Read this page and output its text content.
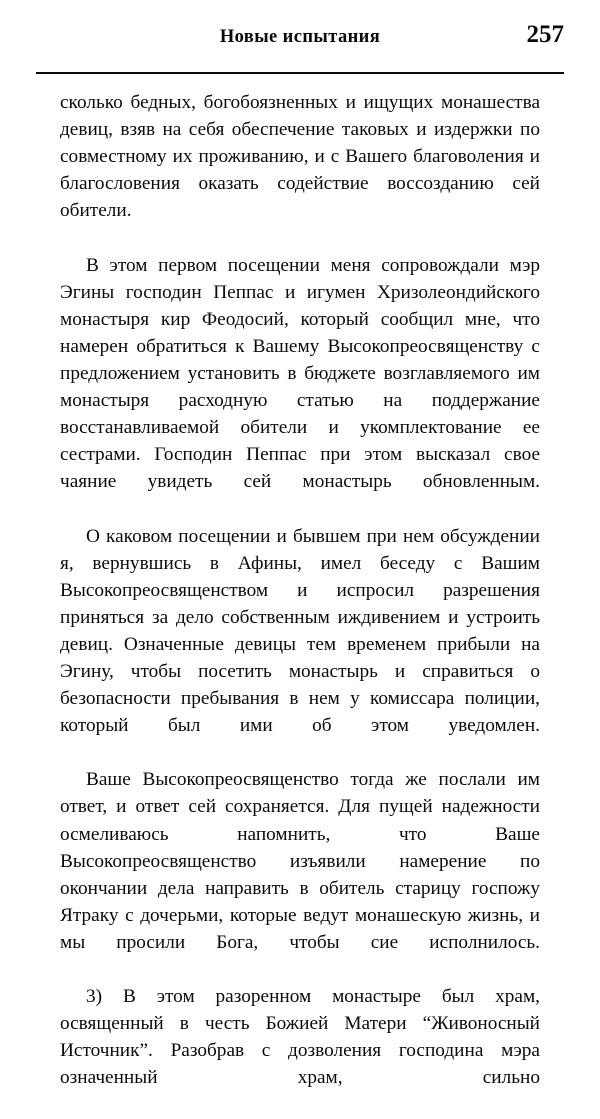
Новые испытания	257

сколько бедных, богобоязненных и ищущих монашества девиц, взяв на себя обеспечение таковых и издержки по совместному их проживанию, и с Вашего благоволения и благословения оказать содействие воссозданию сей обители.

В этом первом посещении меня сопровождали мэр Эгины господин Пеппас и игумен Хризолеондийского монастыря кир Феодосий, который сообщил мне, что намерен обратиться к Вашему Высокопреосвященству с предложением установить в бюджете возглавляемого им монастыря расходную статью на поддержание восстанавливаемой обители и укомплектование ее сестрами. Господин Пеппас при этом высказал свое чаяние увидеть сей монастырь обновленным.

О каковом посещении и бывшем при нем обсуждении я, вернувшись в Афины, имел беседу с Вашим Высокопреосвященством и испросил разрешения приняться за дело собственным иждивением и устроить девиц. Означенные девицы тем временем прибыли на Эгину, чтобы посетить монастырь и справиться о безопасности пребывания в нем у комиссара полиции, который был ими об этом уведомлен.

Ваше Высокопреосвященство тогда же послали им ответ, и ответ сей сохраняется. Для пущей надежности осмеливаюсь напомнить, что Ваше Высокопреосвященство изъявили намерение по окончании дела направить в обитель старицу госпожу Ятраку с дочерьми, которые ведут монашескую жизнь, и мы просили Бога, чтобы сие исполнилось.

3) В этом разоренном монастыре был храм, освященный в честь Божией Матери “Живоносный Источник”. Разобрав с дозволения господина мэра означенный храм, сильно
